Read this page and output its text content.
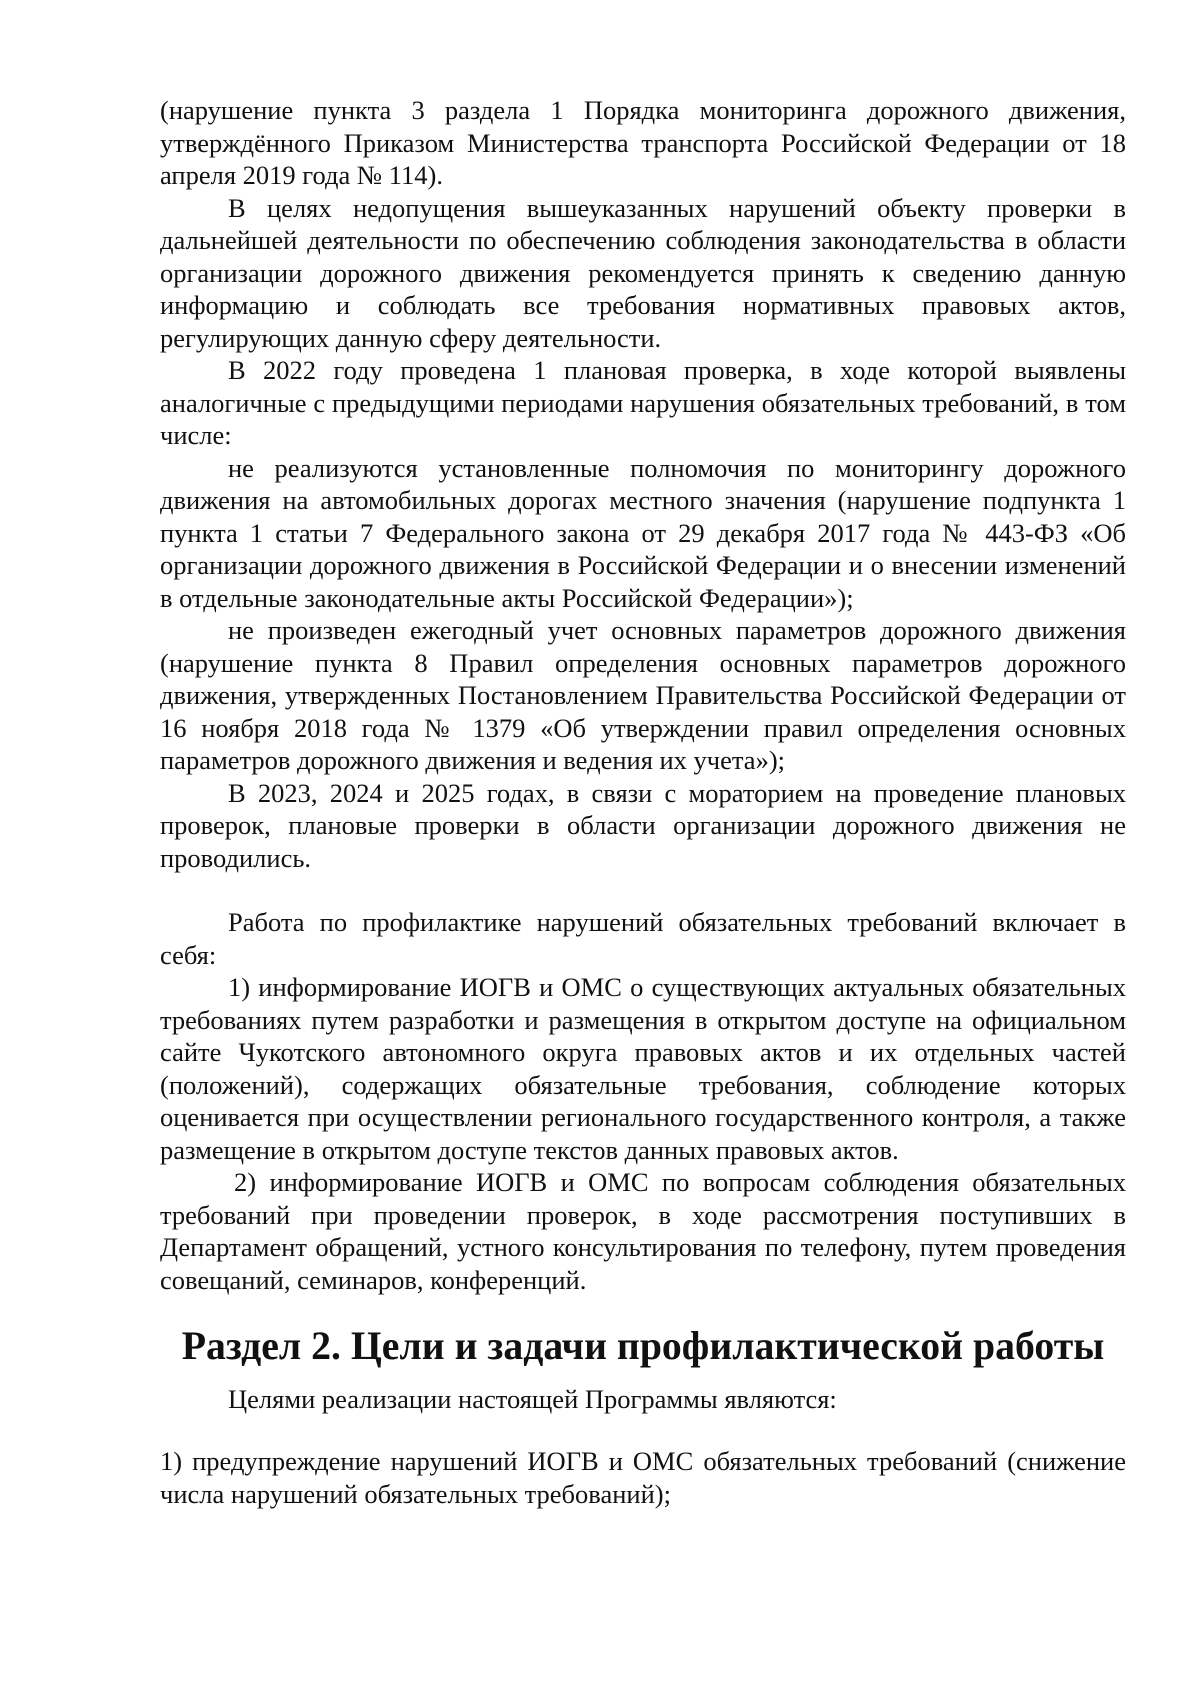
(нарушение пункта 3 раздела 1 Порядка мониторинга дорожного движения, утверждённого Приказом Министерства транспорта Российской Федерации от 18 апреля 2019 года № 114).

В целях недопущения вышеуказанных нарушений объекту проверки в дальнейшей деятельности по обеспечению соблюдения законодательства в области организации дорожного движения рекомендуется принять к сведению данную информацию и соблюдать все требования нормативных правовых актов, регулирующих данную сферу деятельности.

В 2022 году проведена 1 плановая проверка, в ходе которой выявлены аналогичные с предыдущими периодами нарушения обязательных требований, в том числе:

не реализуются установленные полномочия по мониторингу дорожного движения на автомобильных дорогах местного значения (нарушение подпункта 1 пункта 1 статьи 7 Федерального закона от 29 декабря 2017 года № 443-ФЗ «Об организации дорожного движения в Российской Федерации и о внесении изменений в отдельные законодательные акты Российской Федерации»);

не произведен ежегодный учет основных параметров дорожного движения (нарушение пункта 8 Правил определения основных параметров дорожного движения, утвержденных Постановлением Правительства Российской Федерации от 16 ноября 2018 года № 1379 «Об утверждении правил определения основных параметров дорожного движения и ведения их учета»);

В 2023, 2024 и 2025 годах, в связи с мораторием на проведение плановых проверок, плановые проверки в области организации дорожного движения не проводились.

Работа по профилактике нарушений обязательных требований включает в себя:

1) информирование ИОГВ и ОМС о существующих актуальных обязательных требованиях путем разработки и размещения в открытом доступе на официальном сайте Чукотского автономного округа правовых актов и их отдельных частей (положений), содержащих обязательные требования, соблюдение которых оценивается при осуществлении регионального государственного контроля, а также размещение в открытом доступе текстов данных правовых актов.

2) информирование ИОГВ и ОМС по вопросам соблюдения обязательных требований при проведении проверок, в ходе рассмотрения поступивших в Департамент обращений, устного консультирования по телефону, путем проведения совещаний, семинаров, конференций.

Раздел 2. Цели и задачи профилактической работы

Целями реализации настоящей Программы являются:

1) предупреждение нарушений ИОГВ и ОМС обязательных требований (снижение числа нарушений обязательных требований);
